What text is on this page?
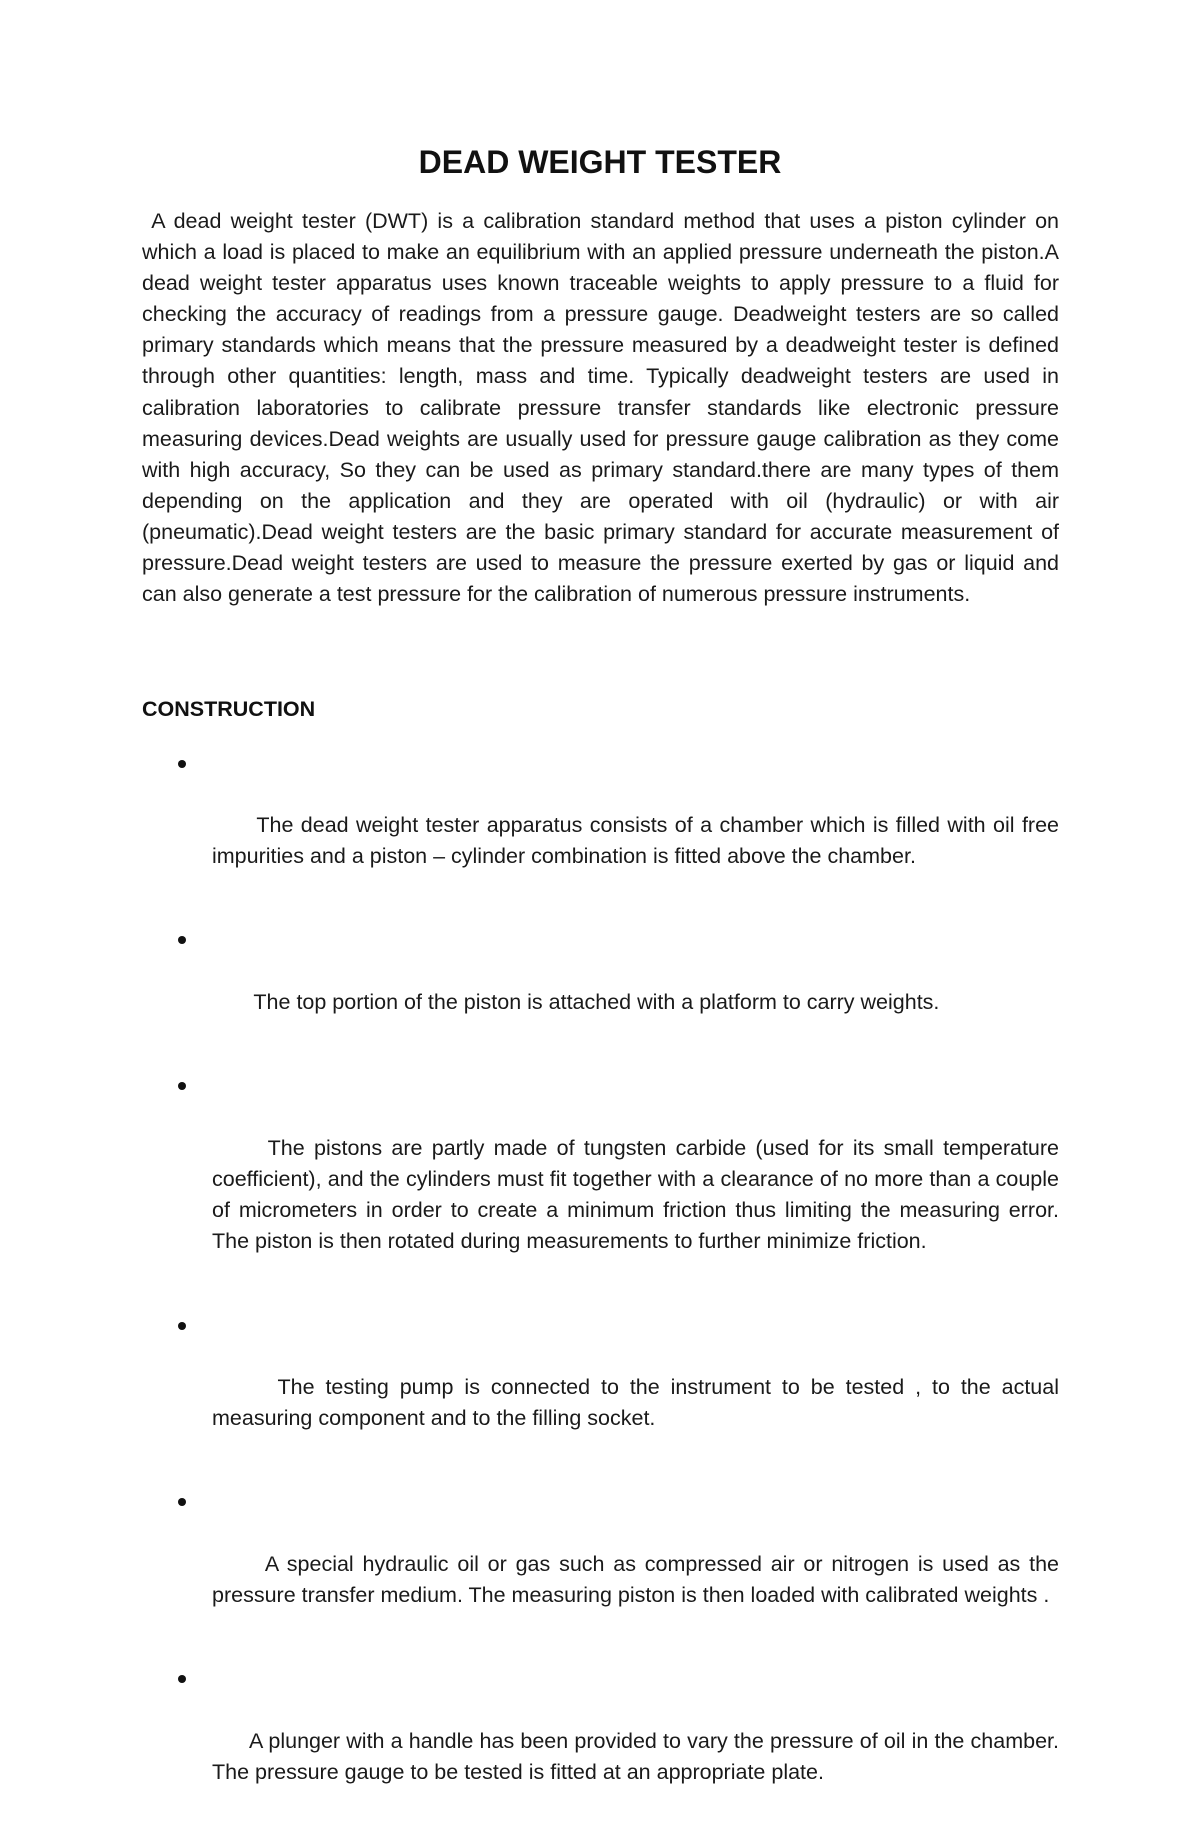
DEAD WEIGHT TESTER

A dead weight tester (DWT) is a calibration standard method that uses a piston cylinder on which a load is placed to make an equilibrium with an applied pressure underneath the piston.A dead weight tester apparatus uses known traceable weights to apply pressure to a fluid for checking the accuracy of readings from a pressure gauge. Deadweight testers are so called primary standards which means that the pressure measured by a deadweight tester is defined through other quantities: length, mass and time. Typically deadweight testers are used in calibration laboratories to calibrate pressure transfer standards like electronic pressure measuring devices.Dead weights are usually used for pressure gauge calibration as they come with high accuracy, So they can be used as primary standard.there are many types of them depending on the application and they are operated with oil (hydraulic) or with air (pneumatic).Dead weight testers are the basic primary standard for accurate measurement of pressure.Dead weight testers are used to measure the pressure exerted by gas or liquid and can also generate a test pressure for the calibration of numerous pressure instruments.

CONSTRUCTION

The dead weight tester apparatus consists of a chamber which is filled with oil free impurities and a piston – cylinder combination is fitted above the chamber.

The top portion of the piston is attached with a platform to carry weights.

The pistons are partly made of tungsten carbide (used for its small temperature coefficient), and the cylinders must fit together with a clearance of no more than a couple of micrometers in order to create a minimum friction thus limiting the measuring error. The piston is then rotated during measurements to further minimize friction.

The testing pump is connected to the instrument to be tested , to the actual measuring component and to the filling socket.

A special hydraulic oil or gas such as compressed air or nitrogen is used as the pressure transfer medium. The measuring piston is then loaded with calibrated weights .

A plunger with a handle has been provided to vary the pressure of oil in the chamber. The pressure gauge to be tested is fitted at an appropriate plate.
